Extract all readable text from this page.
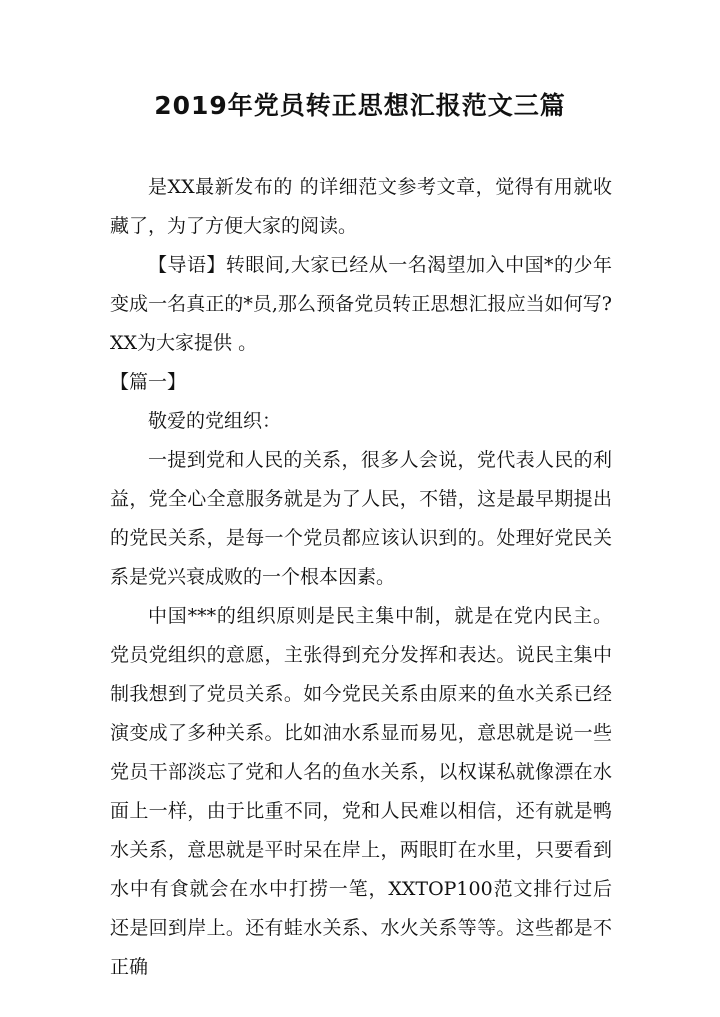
2019年党员转正思想汇报范文三篇

是XX最新发布的 的详细范文参考文章，觉得有用就收藏了，为了方便大家的阅读。

【导语】转眼间,大家已经从一名渴望加入中国*的少年变成一名真正的*员,那么预备党员转正思想汇报应当如何写?XX为大家提供 。

【篇一】

敬爱的党组织：

一提到党和人民的关系，很多人会说，党代表人民的利益，党全心全意服务就是为了人民，不错，这是最早期提出的党民关系，是每一个党员都应该认识到的。处理好党民关系是党兴衰成败的一个根本因素。

中国***的组织原则是民主集中制，就是在党内民主。党员党组织的意愿，主张得到充分发挥和表达。说民主集中制我想到了党员关系。如今党民关系由原来的鱼水关系已经演变成了多种关系。比如油水系显而易见，意思就是说一些党员干部淡忘了党和人名的鱼水关系，以权谋私就像漂在水面上一样，由于比重不同，党和人民难以相信，还有就是鸭水关系，意思就是平时呆在岸上，两眼盯在水里，只要看到水中有食就会在水中打捞一笔，XXTOP100范文排行过后还是回到岸上。还有蛙水关系、水火关系等等。这些都是不正确
